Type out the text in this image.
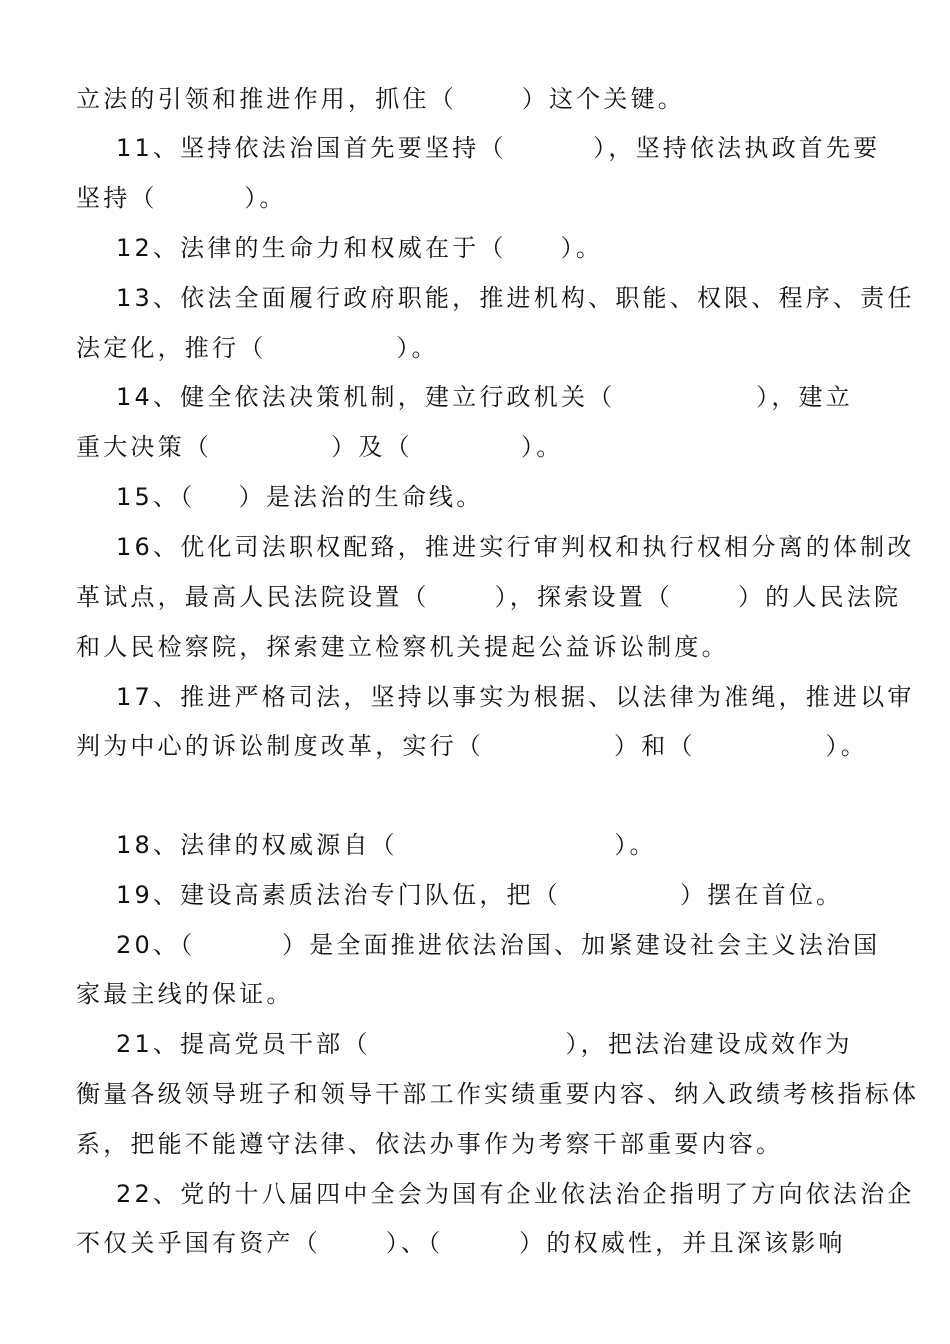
立法的引领和推进作用，抓住（      ）这个关键。
11、坚持依法治国首先要坚持（        ），坚持依法执政首先要
坚持（        ）。
12、法律的生命力和权威在于（     ）。
13、依法全面履行政府职能，推进机构、职能、权限、程序、责任
法定化，推行（            ）。
14、健全依法决策机制，建立行政机关（             ），建立
重大决策（           ）及（          ）。
15、（    ）是法治的生命线。
16、优化司法职权配臵，推进实行审判权和执行权相分离的体制改
革试点，最高人民法院设置（      ），探索设置（      ）的人民法院
和人民检察院，探索建立检察机关提起公益诉讼制度。
17、推进严格司法，坚持以事实为根据、以法律为准绳，推进以审
判为中心的诉讼制度改革，实行（            ）和（            ）。
18、法律的权威源自（                    ）。
19、建设高素质法治专门队伍，把（           ）摆在首位。
20、（        ）是全面推进依法治国、加紧建设社会主义法治国
家最主线的保证。
21、提高党员干部（                  ），把法治建设成效作为
衡量各级领导班子和领导干部工作实绩重要内容、纳入政绩考核指标体
系，把能不能遵守法律、依法办事作为考察干部重要内容。
22、党的十八届四中全会为国有企业依法治企指明了方向依法治企
不仅关乎国有资产（      ）、（       ）的权威性，并且深该影响
